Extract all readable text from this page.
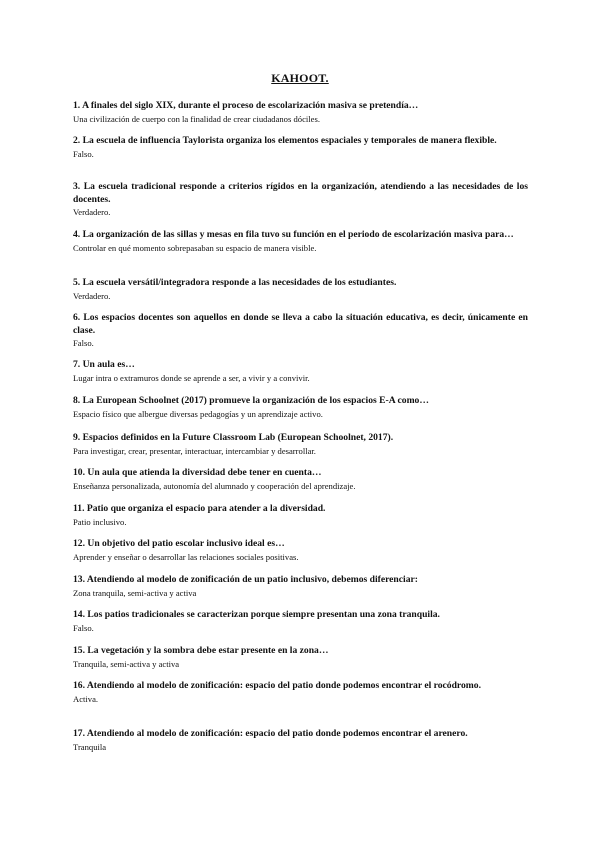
KAHOOT.

1. A finales del siglo XIX, durante el proceso de escolarización masiva se pretendía…

Una civilización de cuerpo con la finalidad de crear ciudadanos dóciles.

2. La escuela de influencia Taylorista organiza los elementos espaciales y temporales de manera flexible.

Falso.

3. La escuela tradicional responde a criterios rígidos en la organización, atendiendo a las necesidades de los docentes.

Verdadero.

4. La organización de las sillas y mesas en fila tuvo su función en el periodo de escolarización masiva para…

Controlar en qué momento sobrepasaban su espacio de manera visible.

5. La escuela versátil/integradora responde a las necesidades de los estudiantes.

Verdadero.

6. Los espacios docentes son aquellos en donde se lleva a cabo la situación educativa, es decir, únicamente en clase.

Falso.

7. Un aula es…

Lugar intra o extramuros donde se aprende a ser, a vivir y a convivir.

8. La European Schoolnet (2017) promueve la organización de los espacios E-A como…

Espacio físico que albergue diversas pedagogías y un aprendizaje activo.

9. Espacios definidos en la Future Classroom Lab (European Schoolnet, 2017).

Para investigar, crear, presentar, interactuar, intercambiar y desarrollar.

10. Un aula que atienda la diversidad debe tener en cuenta…

Enseñanza personalizada, autonomía del alumnado y cooperación del aprendizaje.

11. Patio que organiza el espacio para atender a la diversidad.

Patio inclusivo.

12. Un objetivo del patio escolar inclusivo ideal es…

Aprender y enseñar o desarrollar las relaciones sociales positivas.

13. Atendiendo al modelo de zonificación de un patio inclusivo, debemos diferenciar:

Zona tranquila, semi-activa y activa

14. Los patios tradicionales se caracterizan porque siempre presentan una zona tranquila.

Falso.

15. La vegetación y la sombra debe estar presente en la zona…

Tranquila, semi-activa y activa

16. Atendiendo al modelo de zonificación: espacio del patio donde podemos encontrar el rocódromo.

Activa.

17. Atendiendo al modelo de zonificación: espacio del patio donde podemos encontrar el arenero.

Tranquila
